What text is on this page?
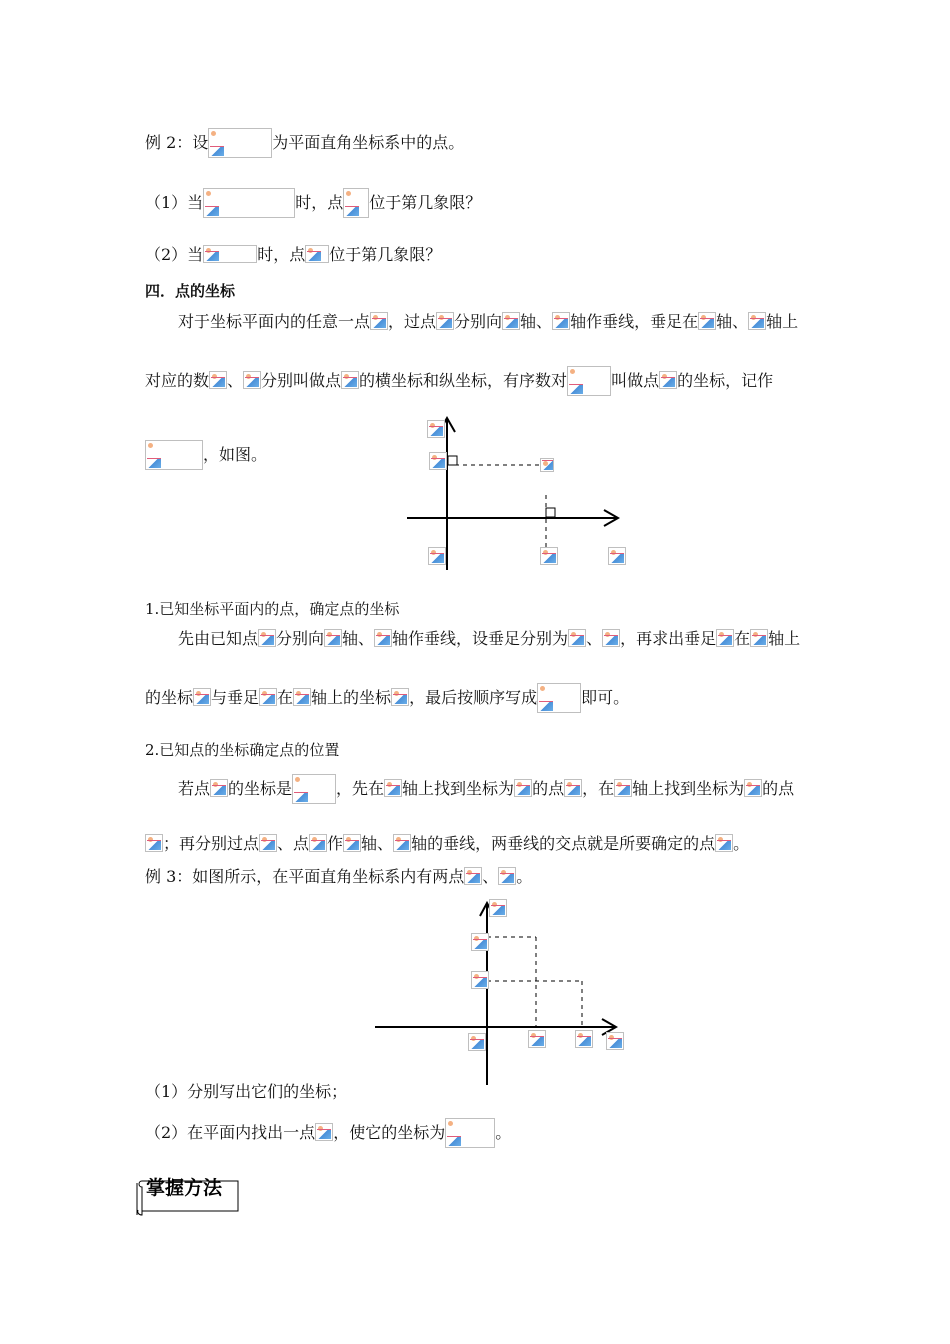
例 2：设	为平面直角坐标系中的点。
（1）当	时，点 位于第几象限？
（2）当	时，点 位于第几象限？
四．点的坐标
对于坐标平面内的任意一点 ，过点 分别向 轴、 轴作垂线，垂足在 轴、 轴上
对应的数 、 分别叫做点 的横坐标和纵坐标，有序数对	叫做点 的坐标，记作
，如图。
1.已知坐标平面内的点，确定点的坐标
先由已知点 分别向 轴、 轴作垂线，设垂足分别为 、 ，再求出垂足 在 轴上
的坐标 与垂足 在 轴上的坐标 ，最后按顺序写成	即可。
2.已知点的坐标确定点的位置
若点 的坐标是	，先在 轴上找到坐标为 的点 ，在 轴上找到坐标为 的点
；再分别过点 、点 作 轴、 轴的垂线，两垂线的交点就是所要确定的点 。
例 3：如图所示，在平面直角坐标系内有两点 、 。
（1）分别写出它们的坐标；
（2）在平面内找出一点 ，使它的坐标为	。
掌握方法
